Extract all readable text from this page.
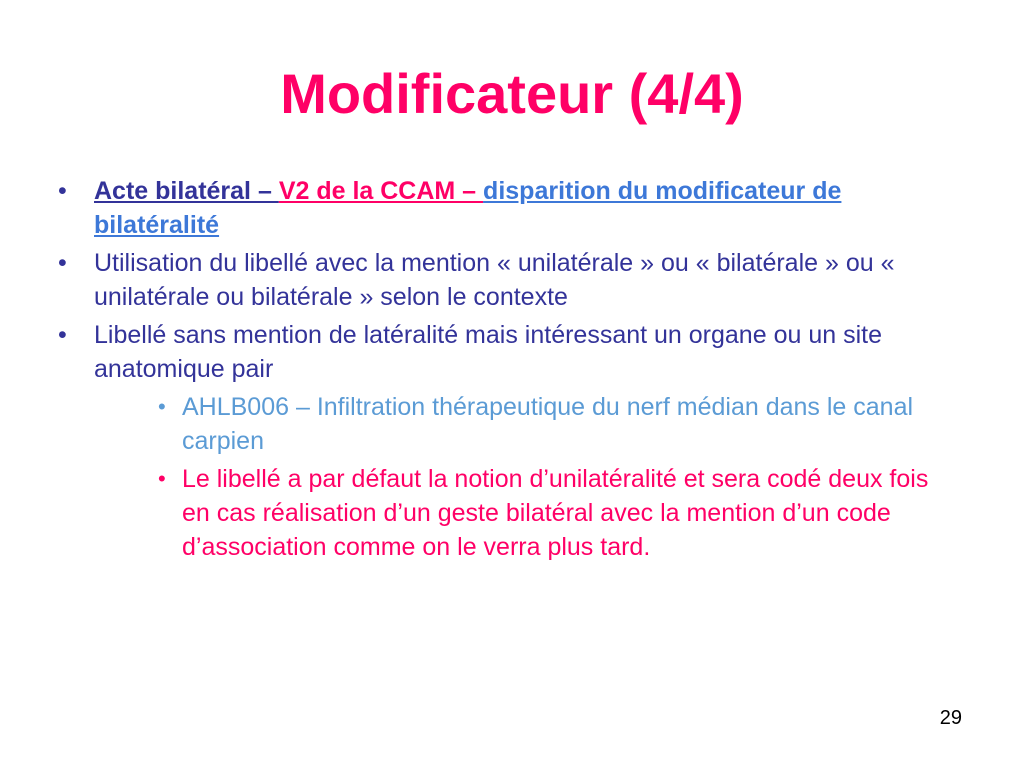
Modificateur (4/4)
• Acte bilatéral – V2 de la CCAM – disparition du modificateur de bilatéralité
• Utilisation du libellé avec la mention « unilatérale » ou « bilatérale » ou « unilatérale ou bilatérale » selon le contexte
• Libellé sans mention de latéralité mais intéressant un organe ou un site anatomique pair
• AHLB006 – Infiltration thérapeutique du nerf médian dans le canal carpien
• Le libellé a par défaut la notion d’unilatéralité et sera codé deux fois en cas réalisation d’un geste bilatéral avec la mention d’un code d’association comme on le verra plus tard.
29
